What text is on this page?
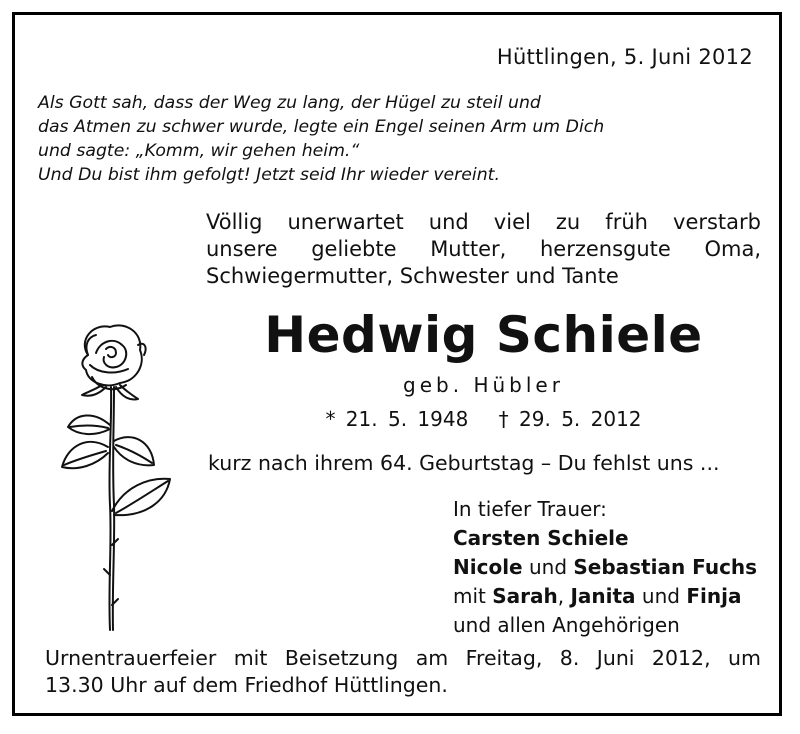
Hüttlingen, 5. Juni 2012
Als Gott sah, dass der Weg zu lang, der Hügel zu steil und
das Atmen zu schwer wurde, legte ein Engel seinen Arm um Dich
und sagte: „Komm, wir gehen heim.“
Und Du bist ihm gefolgt! Jetzt seid Ihr wieder vereint.
Völlig unerwartet und viel zu früh verstarb
unsere geliebte Mutter, herzensgute Oma,
Schwiegermutter, Schwester und Tante
Hedwig Schiele
geb. Hübler
* 21. 5. 1948 † 29. 5. 2012
kurz nach ihrem 64. Geburtstag – Du fehlst uns ...
In tiefer Trauer:
Carsten Schiele
Nicole und Sebastian Fuchs
mit Sarah, Janita und Finja
und allen Angehörigen
Urnentrauerfeier mit Beisetzung am Freitag, 8. Juni 2012, um
13.30 Uhr auf dem Friedhof Hüttlingen.
